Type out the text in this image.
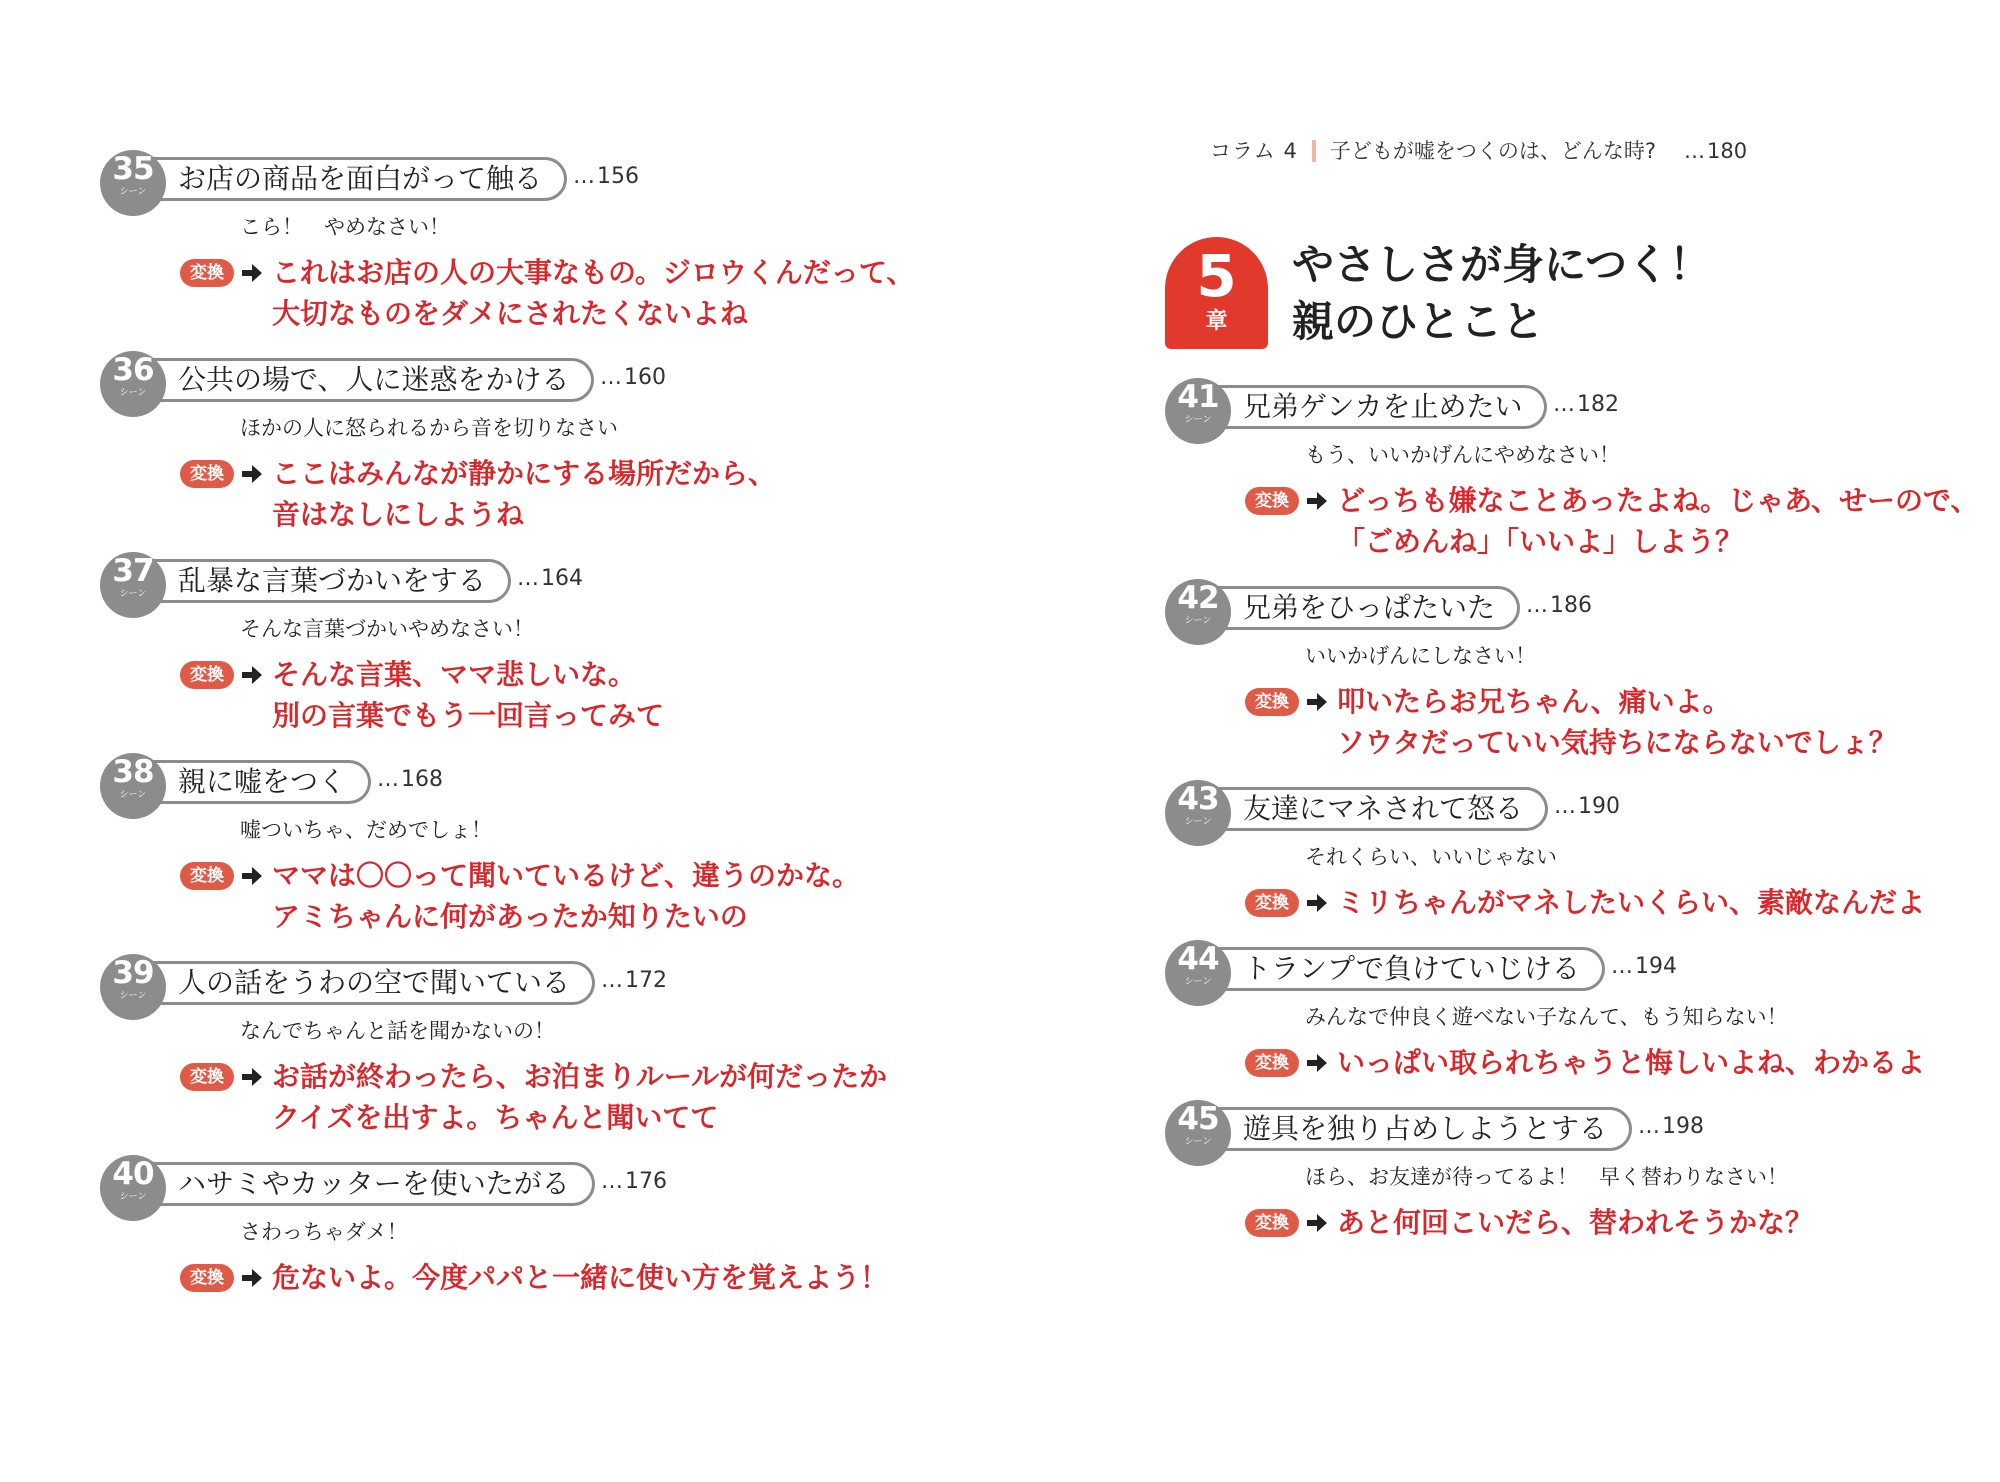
35
シーン	お店の商品を面白がって触る … 156
こら！　やめなさい！
変換	これはお店の人の大事なもの。ジロウくんだって、
大切なものをダメにされたくないよね
36
シーン	公共の場で、人に迷惑をかける … 160
ほかの人に怒られるから音を切りなさい
変換	ここはみんなが静かにする場所だから、
音はなしにしようね
37
シーン	乱暴な言葉づかいをする … 164
そんな言葉づかいやめなさい！
変換	そんな言葉、ママ悲しいな。
別の言葉でもう一回言ってみて
38
シーン	親に嘘をつく … 168
嘘ついちゃ、だめでしょ！
変換	ママは〇〇って聞いているけど、違うのかな。
アミちゃんに何があったか知りたいの
39
シーン	人の話をうわの空で聞いている … 172
なんでちゃんと話を聞かないの！
変換	お話が終わったら、お泊まりルールが何だったか
クイズを出すよ。ちゃんと聞いてて
40
シーン	ハサミやカッターを使いたがる … 176
さわっちゃダメ！
変換	危ないよ。今度パパと一緒に使い方を覚えよう！
コラム 4 子どもが嘘をつくのは、どんな時? … 180
5
章
やさしさが身につく！
親のひとこと
41
シーン	兄弟ゲンカを止めたい … 182
もう、いいかげんにやめなさい！
変換	どっちも嫌なことあったよね。じゃあ、せーので、
「ごめんね」「いいよ」しよう？
42
シーン	兄弟をひっぱたいた … 186
いいかげんにしなさい！
変換	叩いたらお兄ちゃん、痛いよ。
ソウタだっていい気持ちにならないでしょ？
43
シーン	友達にマネされて怒る … 190
それくらい、いいじゃない
変換	ミリちゃんがマネしたいくらい、素敵なんだよ
44
シーン	トランプで負けていじける … 194
みんなで仲良く遊べない子なんて、もう知らない！
変換	いっぱい取られちゃうと悔しいよね、わかるよ
45
シーン	遊具を独り占めしようとする … 198
ほら、お友達が待ってるよ！　早く替わりなさい！
変換	あと何回こいだら、替われそうかな？
